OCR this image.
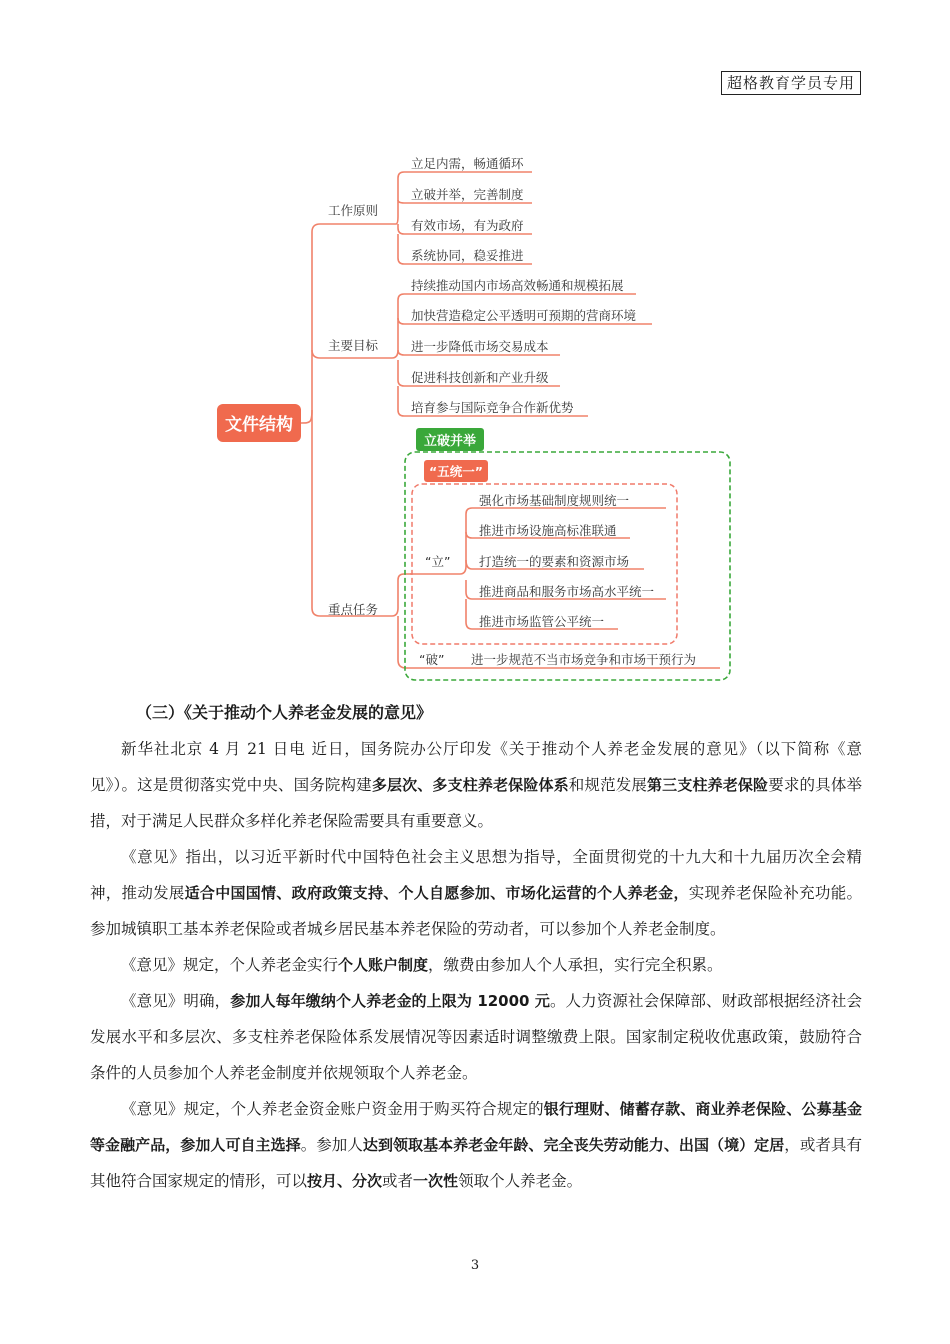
超格教育学员专用
文件结构
工作原则
主要目标
重点任务
立足内需，畅通循环
立破并举，完善制度
有效市场，有为政府
系统协同，稳妥推进
持续推动国内市场高效畅通和规模拓展
加快营造稳定公平透明可预期的营商环境
进一步降低市场交易成本
促进科技创新和产业升级
培育参与国际竞争合作新优势
立破并举
“五统一”
“立”
强化市场基础制度规则统一
推进市场设施高标准联通
打造统一的要素和资源市场
推进商品和服务市场高水平统一
推进市场监管公平统一
“破” 进一步规范不当市场竞争和市场干预行为
（三）《关于推动个人养老金发展的意见》

新华社北京 4 月 21 日电 近日，国务院办公厅印发《关于推动个人养老金发展的意见》（以下简称《意见》）。这是贯彻落实党中央、国务院构建多层次、多支柱养老保险体系和规范发展第三支柱养老保险要求的具体举措，对于满足人民群众多样化养老保险需要具有重要意义。

《意见》指出，以习近平新时代中国特色社会主义思想为指导，全面贯彻党的十九大和十九届历次全会精神，推动发展适合中国国情、政府政策支持、个人自愿参加、市场化运营的个人养老金，实现养老保险补充功能。参加城镇职工基本养老保险或者城乡居民基本养老保险的劳动者，可以参加个人养老金制度。

《意见》规定，个人养老金实行个人账户制度，缴费由参加人个人承担，实行完全积累。

《意见》明确，参加人每年缴纳个人养老金的上限为 12000 元。人力资源社会保障部、财政部根据经济社会发展水平和多层次、多支柱养老保险体系发展情况等因素适时调整缴费上限。国家制定税收优惠政策，鼓励符合条件的人员参加个人养老金制度并依规领取个人养老金。

《意见》规定，个人养老金资金账户资金用于购买符合规定的银行理财、储蓄存款、商业养老保险、公募基金等金融产品，参加人可自主选择。参加人达到领取基本养老金年龄、完全丧失劳动能力、出国（境）定居，或者具有其他符合国家规定的情形，可以按月、分次或者一次性领取个人养老金。

3
